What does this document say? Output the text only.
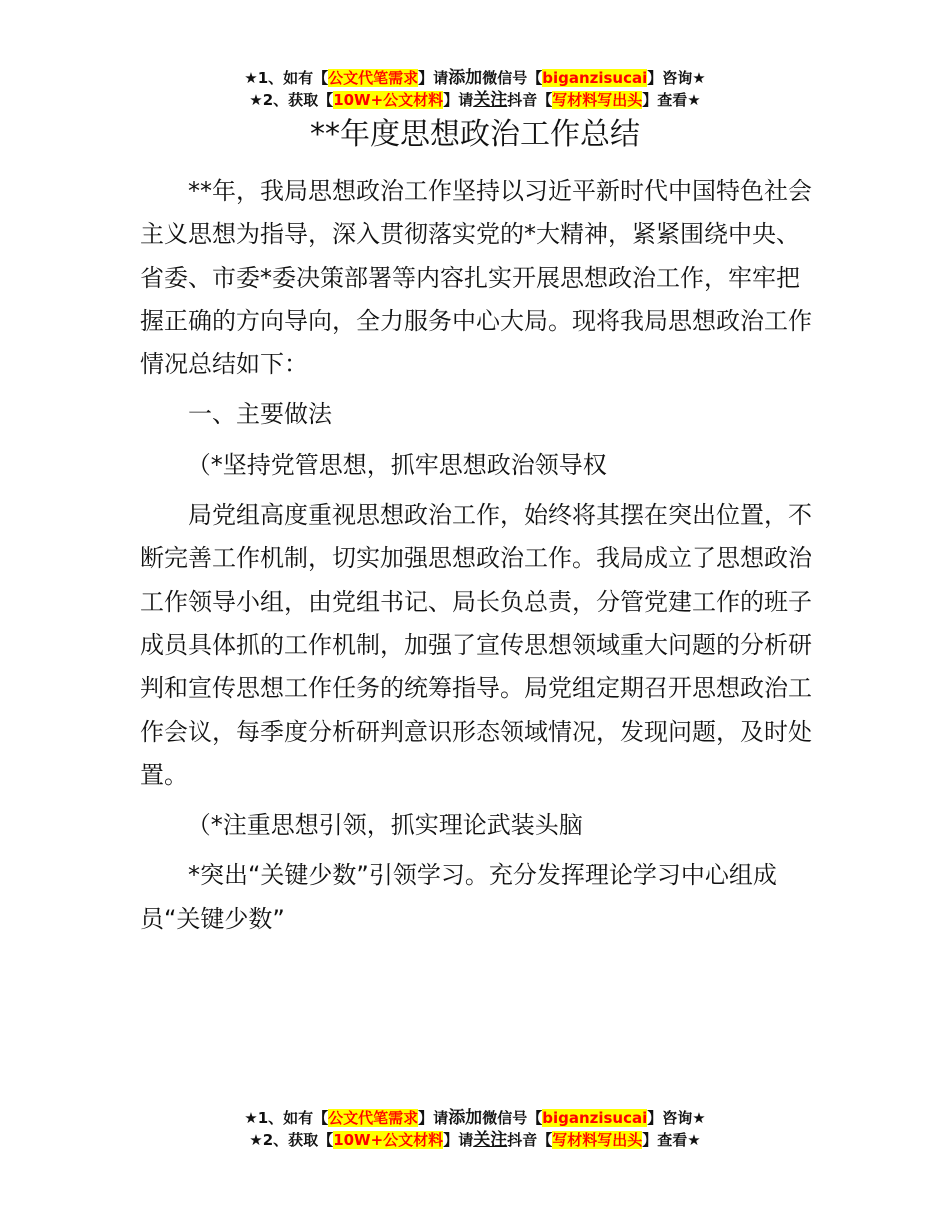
★1、如有【公文代笔需求】请添加微信号【biganzisucai】咨询★
★2、获取【10W+公文材料】请关注抖音【写材料写出头】查看★
**年度思想政治工作总结

**年，我局思想政治工作坚持以习近平新时代中国特色社会主义思想为指导，深入贯彻落实党的*大精神，紧紧围绕中央、省委、市委*委决策部署等内容扎实开展思想政治工作，牢牢把握正确的方向导向，全力服务中心大局。现将我局思想政治工作情况总结如下：

一、主要做法

（*坚持党管思想，抓牢思想政治领导权

局党组高度重视思想政治工作，始终将其摆在突出位置，不断完善工作机制，切实加强思想政治工作。我局成立了思想政治工作领导小组，由党组书记、局长负总责，分管党建工作的班子成员具体抓的工作机制，加强了宣传思想领域重大问题的分析研判和宣传思想工作任务的统筹指导。局党组定期召开思想政治工作会议，每季度分析研判意识形态领域情况，发现问题，及时处置。

（*注重思想引领，抓实理论武装头脑

*突出“关键少数”引领学习。充分发挥理论学习中心组成员“关键少数”

★1、如有【公文代笔需求】请添加微信号【biganzisucai】咨询★
★2、获取【10W+公文材料】请关注抖音【写材料写出头】查看★
